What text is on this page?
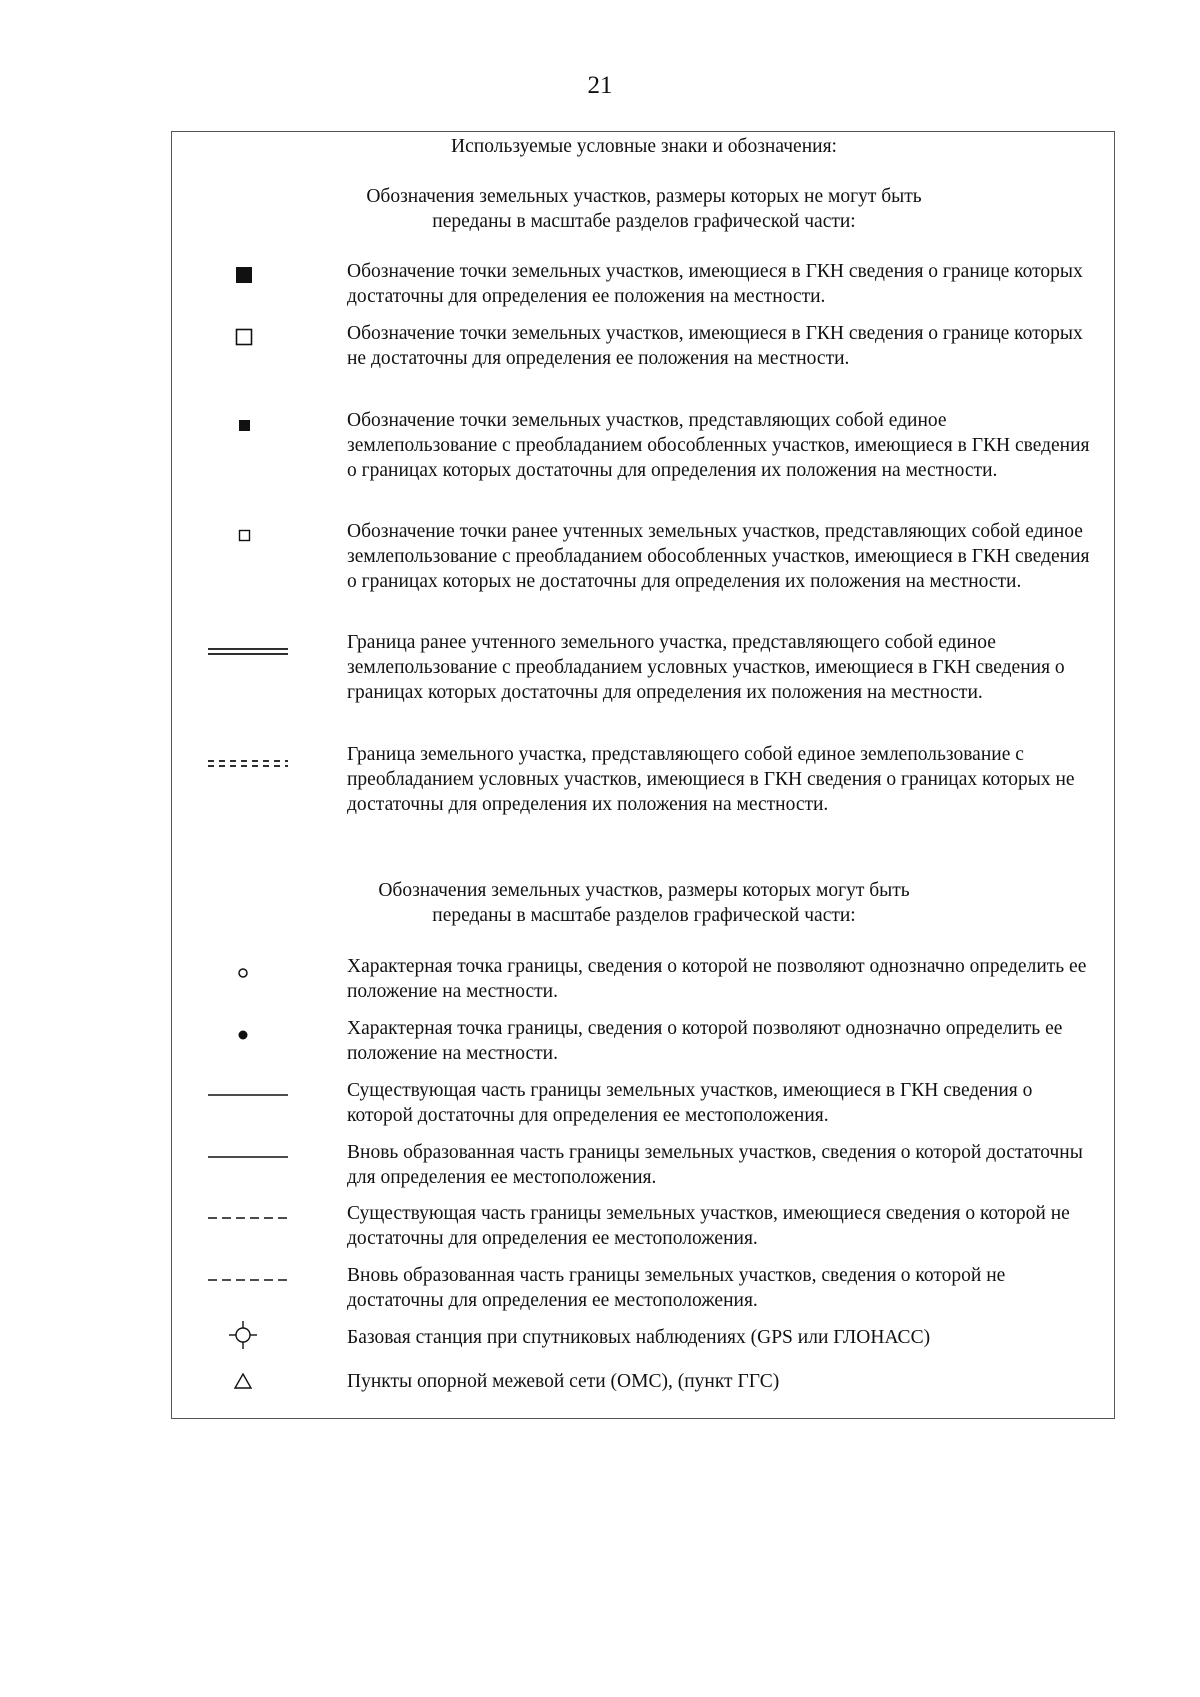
21
Используемые условные знаки и обозначения:
Обозначения земельных участков, размеры которых не могут быть
переданы в масштабе разделов графической части:
Обозначение точки земельных участков, имеющиеся в ГКН сведения о границе которых достаточны для определения ее положения на местности.
Обозначение точки земельных участков, имеющиеся в ГКН сведения о границе которых не достаточны для определения ее положения на местности.
Обозначение точки земельных участков, представляющих собой единое землепользование с преобладанием обособленных участков, имеющиеся в ГКН сведения о границах которых достаточны для определения их положения на местности.
Обозначение точки ранее учтенных земельных участков, представляющих собой единое землепользование с преобладанием обособленных участков, имеющиеся в ГКН сведения о границах которых не достаточны для определения их положения на местности.
Граница ранее учтенного земельного участка, представляющего собой единое землепользование с преобладанием условных участков, имеющиеся в ГКН сведения о границах которых достаточны для определения их положения на местности.
Граница земельного участка, представляющего собой единое землепользование с преобладанием условных участков, имеющиеся в ГКН сведения о границах которых не достаточны для определения их положения на местности.
Обозначения земельных участков, размеры которых могут быть
переданы в масштабе разделов графической части:
Характерная точка границы, сведения о которой не позволяют однозначно определить ее положение на местности.
Характерная точка границы, сведения о которой позволяют однозначно определить ее положение на местности.
Существующая часть границы земельных участков, имеющиеся в ГКН сведения о которой достаточны для определения ее местоположения.
Вновь образованная часть границы земельных участков, сведения о которой достаточны для определения ее местоположения.
Существующая часть границы земельных участков, имеющиеся сведения о которой не достаточны для определения ее местоположения.
Вновь образованная часть границы земельных участков, сведения о которой не достаточны для определения ее местоположения.
Базовая станция при спутниковых наблюдениях (GPS или ГЛОНАСС)
Пункты опорной межевой сети (ОМС), (пункт ГГС)
